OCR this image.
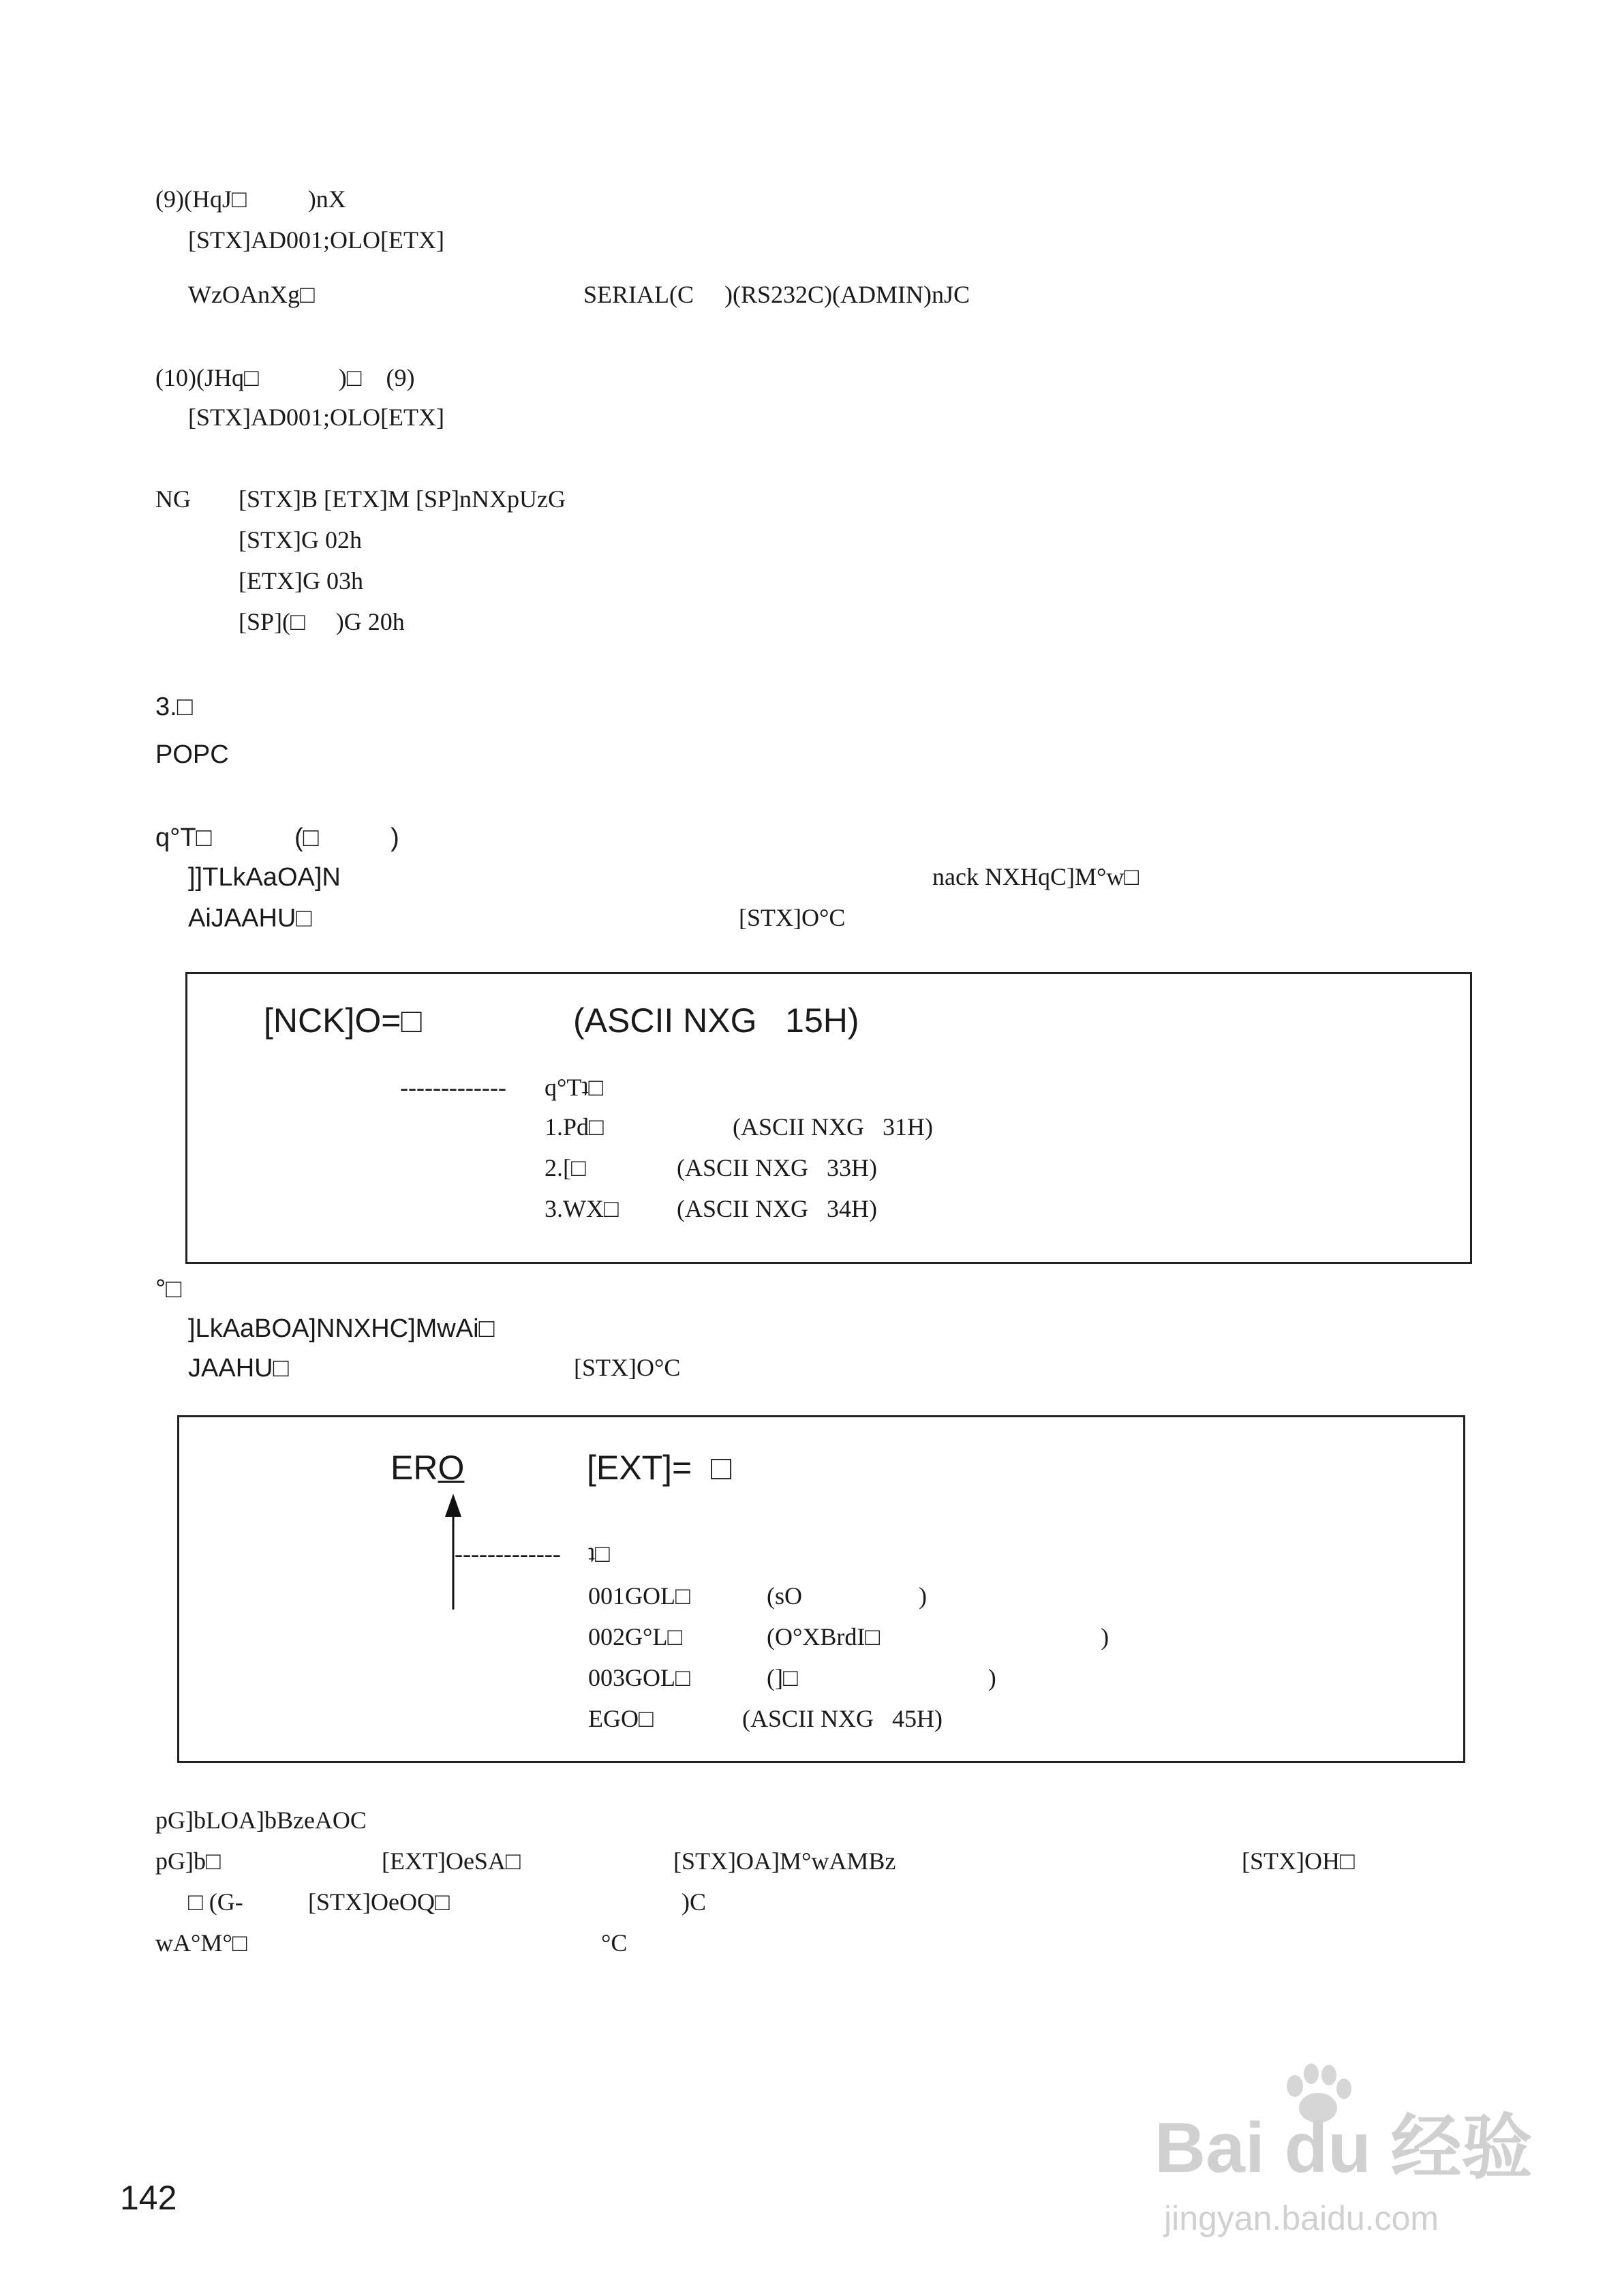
(9)(HqJ□          )nX
[STX]AD001;OLO[ETX]
WzOAnXg□	SERIAL(C     )(RS232C)(ADMIN)nJC
(10)(JHq□             )□    (9)
[STX]AD001;OLO[ETX]
NG [STX]B [ETX]M [SP]nNXpUzG
[STX]G 02h
[ETX]G 03h
[SP](□     )G 20h
3.□
POPC
q°T□	(□          )
]]TLkAaOA]N	nack NXHqC]M°w□
AiJAAHU□	[STX]O°C
[NCK]O=□	(ASCII NXG   15H)
------------- q°Tʇ□
1.Pd□	(ASCII NXG   31H)
2.[□	(ASCII NXG   33H)
3.WX□ (ASCII NXG   34H)
°□
]LkAaBOA]NNXHC]MwAi□
JAAHU□	[STX]O°C
ERO	[EXT]=  □
------------- ʇ□
001GOL□	(sO                   )
002G°L□	(O°XBrdI□                                    )
003GOL□	(]□                               )
EGO□	(ASCII NXG   45H)
pG]bLOA]bBzeAOC
pG]b□	[EXT]OeSA□	[STX]OA]M°wAMBz	[STX]OH□
□ (G-	[STX]OeOQ□	)C
wA°M°□	°C
142
Bai du 经验
jingyan.baidu.com
